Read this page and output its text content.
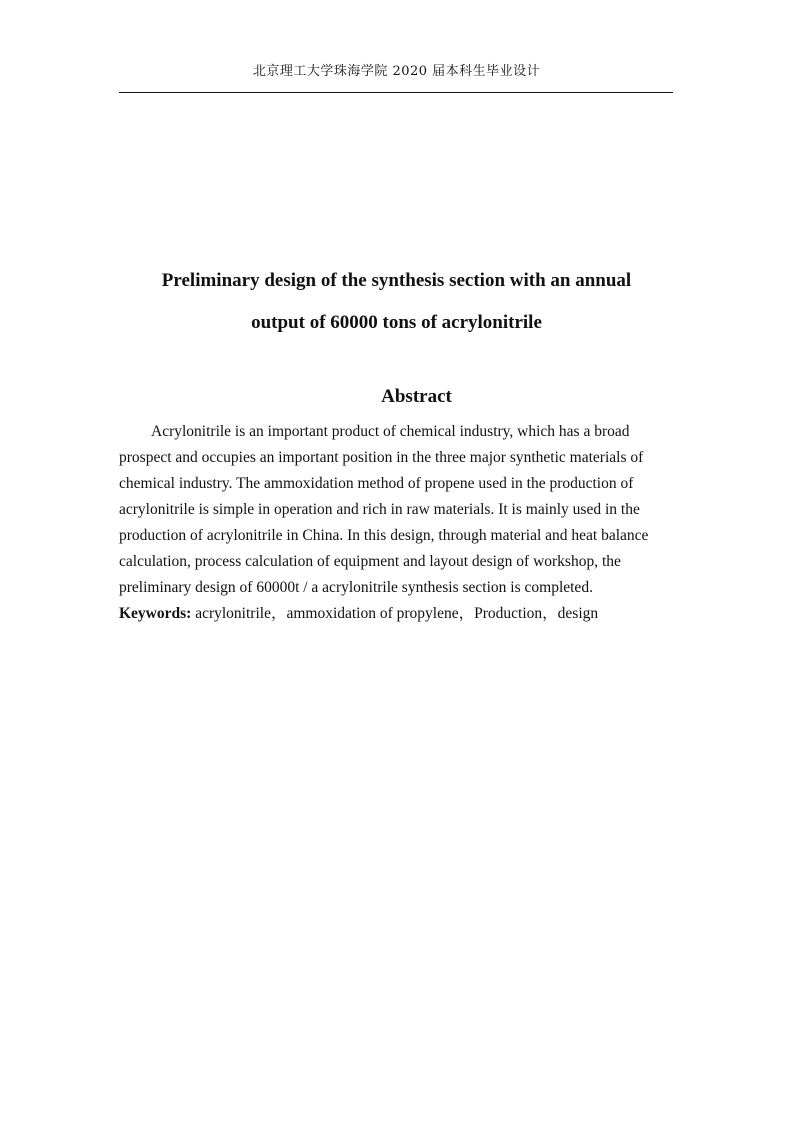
北京理工大学珠海学院 2020 届本科生毕业设计
Preliminary design of the synthesis section with an annual
output of 60000 tons of acrylonitrile
Abstract
Acrylonitrile is an important product of chemical industry, which has a broad
prospect and occupies an important position in the three major synthetic materials of
chemical industry. The ammoxidation method of propene used in the production of
acrylonitrile is simple in operation and rich in raw materials. It is mainly used in the
production of acrylonitrile in China. In this design, through material and heat balance
calculation, process calculation of equipment and layout design of workshop, the
preliminary design of 60000t / a acrylonitrile synthesis section is completed.
Keywords: acrylonitrile，ammoxidation of propylene，Production，design
